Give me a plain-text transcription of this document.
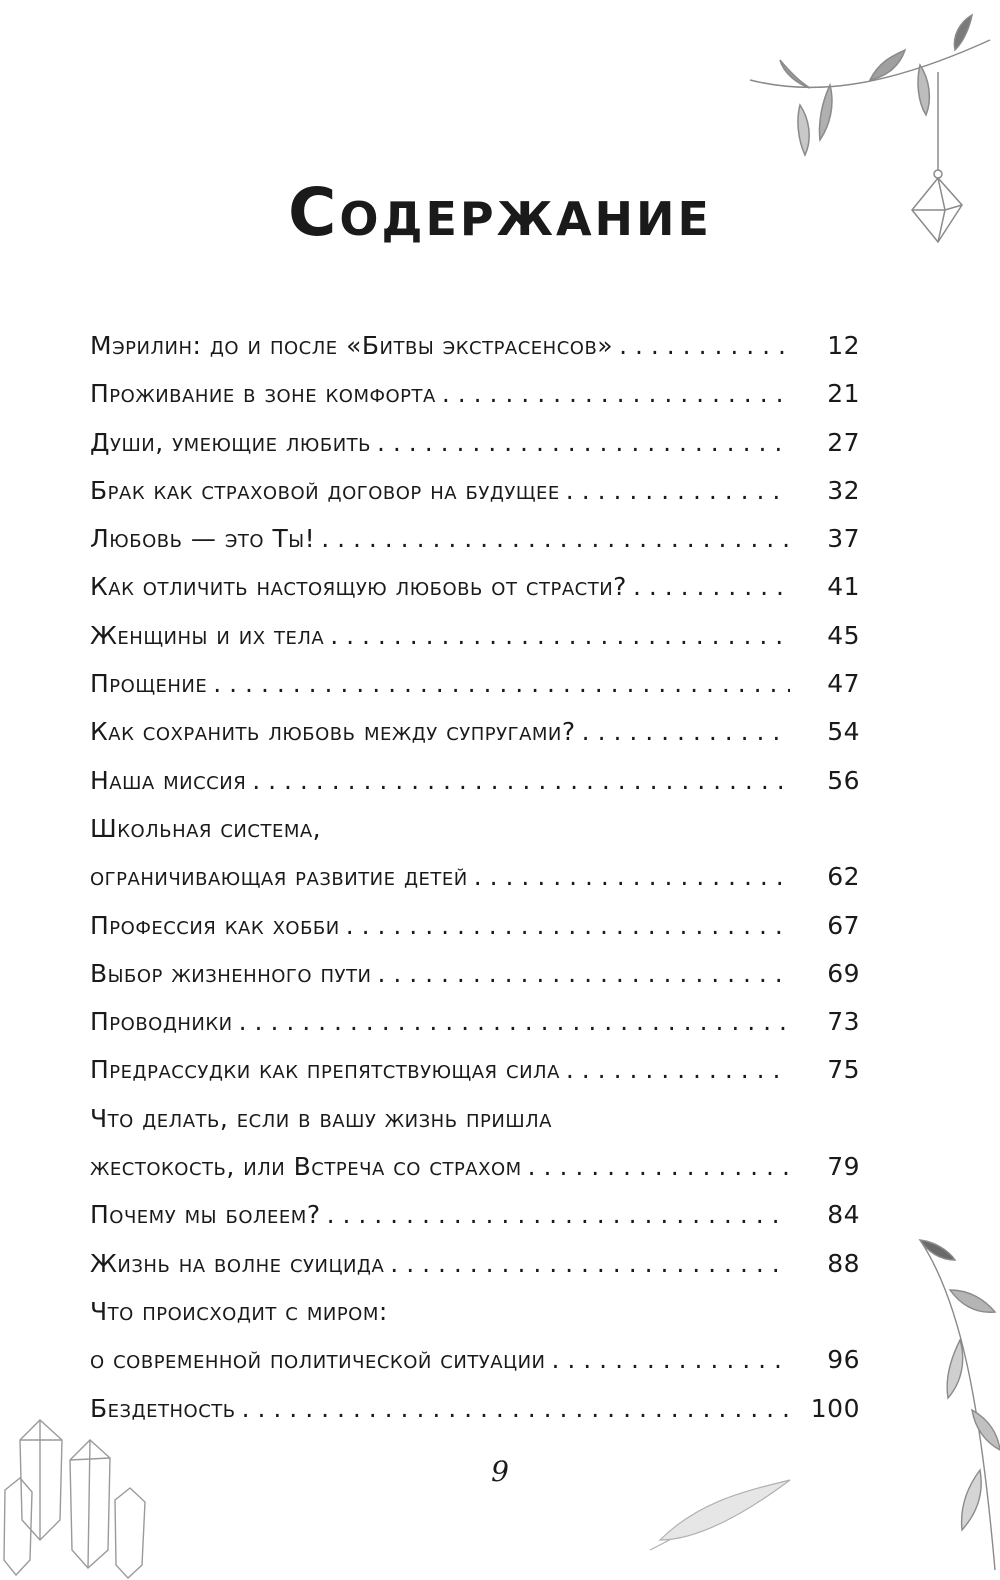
Содержание
Мэрилин: до и после «Битвы экстрасенсов» . . .	12
Проживание в зоне комфорта . . .	21
Души, умеющие любить . . .	27
Брак как страховой договор на будущее . . .	32
Любовь — это Ты! . . .	37
Как отличить настоящую любовь от страсти? . . .	41
Женщины и их тела . . .	45
Прощение . . .	47
Как сохранить любовь между супругами? . . .	54
Наша миссия . . .	56
Школьная система,
ограничивающая развитие детей . . .	62
Профессия как хобби . . .	67
Выбор жизненного пути . . .	69
Проводники . . .	73
Предрассудки как препятствующая сила . . .	75
Что делать, если в вашу жизнь пришла
жестокость, или Встреча со страхом . . .	79
Почему мы болеем? . . .	84
Жизнь на волне суицида . . .	88
Что происходит с миром:
о современной политической ситуации . . .	96
Бездетность . . .	100
9
